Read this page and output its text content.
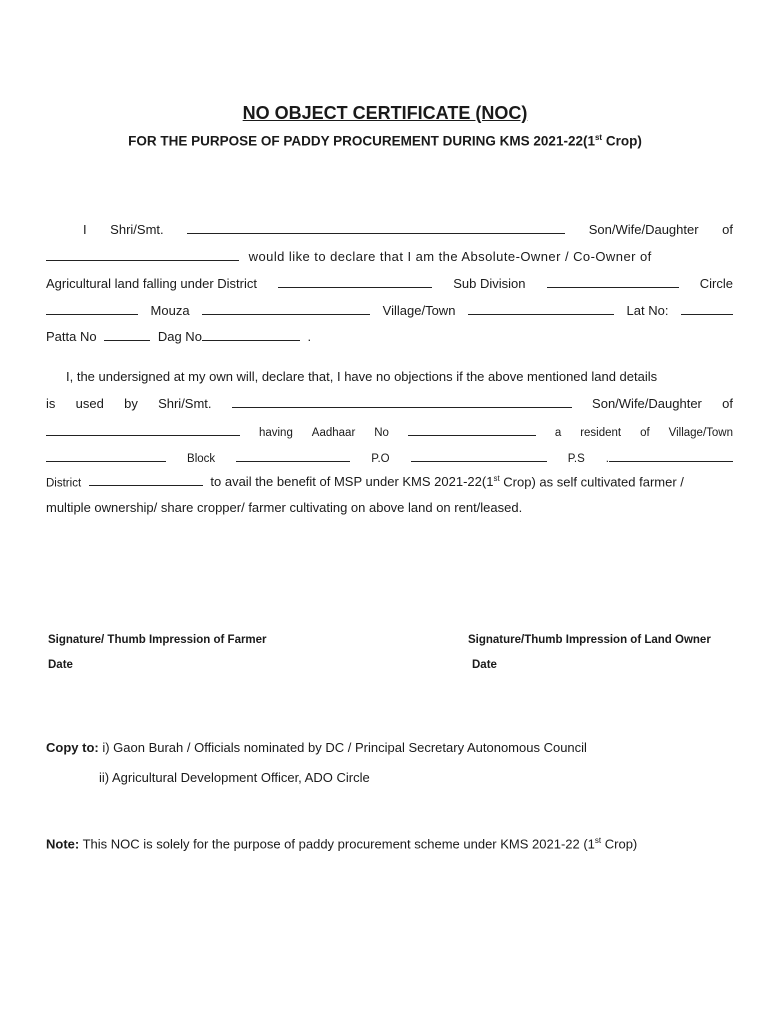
NO OBJECT CERTIFICATE (NOC)
FOR THE PURPOSE OF PADDY PROCUREMENT DURING KMS 2021-22(1st Crop)
I Shri/Smt.	Son/Wife/Daughter of
would like to declare that I am the Absolute-Owner / Co-Owner of
Agricultural land falling under District	Sub Division	Circle
Mouza	Village/Town	Lat No:
Patta No	Dag No	.
I, the undersigned at my own will, declare that, I have no objections if the above mentioned land details
is used by Shri/Smt.	Son/Wife/Daughter of
having Aadhaar No	a resident of Village/Town
Block	P.O	P.S .
District	to avail the benefit of MSP under KMS 2021-22(1st Crop) as self cultivated farmer /
multiple ownership/ share cropper/ farmer cultivating on above land on rent/leased.
Signature/ Thumb Impression of Farmer	Signature/Thumb Impression of Land Owner
Date	Date
Copy to: i) Gaon Burah / Officials nominated by DC / Principal Secretary Autonomous Council
ii) Agricultural Development Officer, ADO Circle
Note: This NOC is solely for the purpose of paddy procurement scheme under KMS 2021-22 (1st Crop)
